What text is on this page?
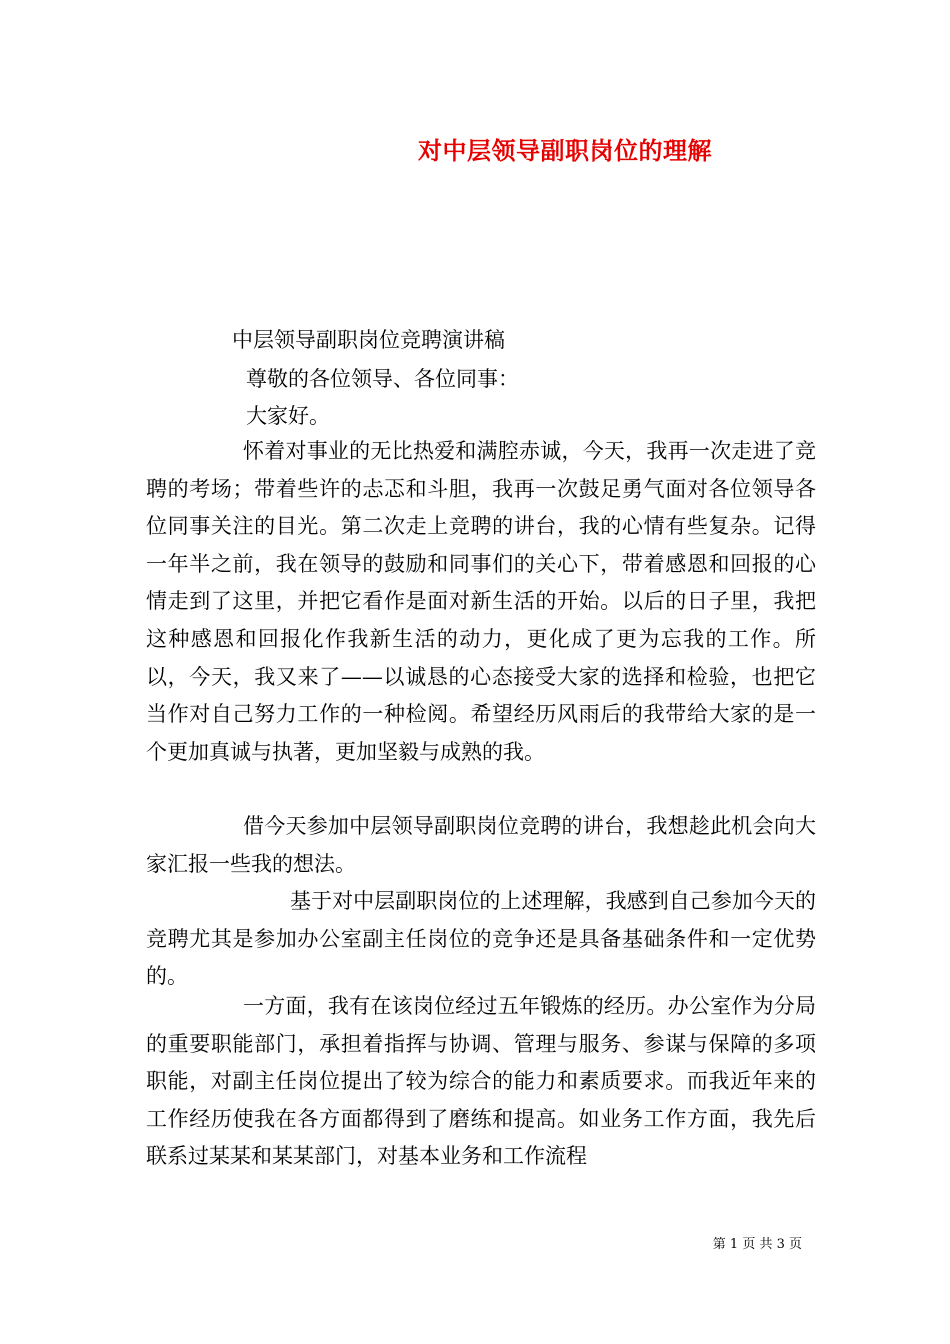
对中层领导副职岗位的理解
中层领导副职岗位竞聘演讲稿
尊敬的各位领导、各位同事：
大家好。
怀着对事业的无比热爱和满腔赤诚，今天，我再一次走进了竞聘的考场；带着些许的忐忑和斗胆，我再一次鼓足勇气面对各位领导各位同事关注的目光。第二次走上竞聘的讲台，我的心情有些复杂。记得一年半之前，我在领导的鼓励和同事们的关心下，带着感恩和回报的心情走到了这里，并把它看作是面对新生活的开始。以后的日子里，我把这种感恩和回报化作我新生活的动力，更化成了更为忘我的工作。所以，今天，我又来了——以诚恳的心态接受大家的选择和检验，也把它当作对自己努力工作的一种检阅。希望经历风雨后的我带给大家的是一个更加真诚与执著，更加坚毅与成熟的我。
借今天参加中层领导副职岗位竞聘的讲台，我想趁此机会向大家汇报一些我的想法。
基于对中层副职岗位的上述理解，我感到自己参加今天的竞聘尤其是参加办公室副主任岗位的竞争还是具备基础条件和一定优势的。
一方面，我有在该岗位经过五年锻炼的经历。办公室作为分局的重要职能部门，承担着指挥与协调、管理与服务、参谋与保障的多项职能，对副主任岗位提出了较为综合的能力和素质要求。而我近年来的工作经历使我在各方面都得到了磨练和提高。如业务工作方面，我先后联系过某某和某某部门，对基本业务和工作流程
第 1 页 共 3 页
